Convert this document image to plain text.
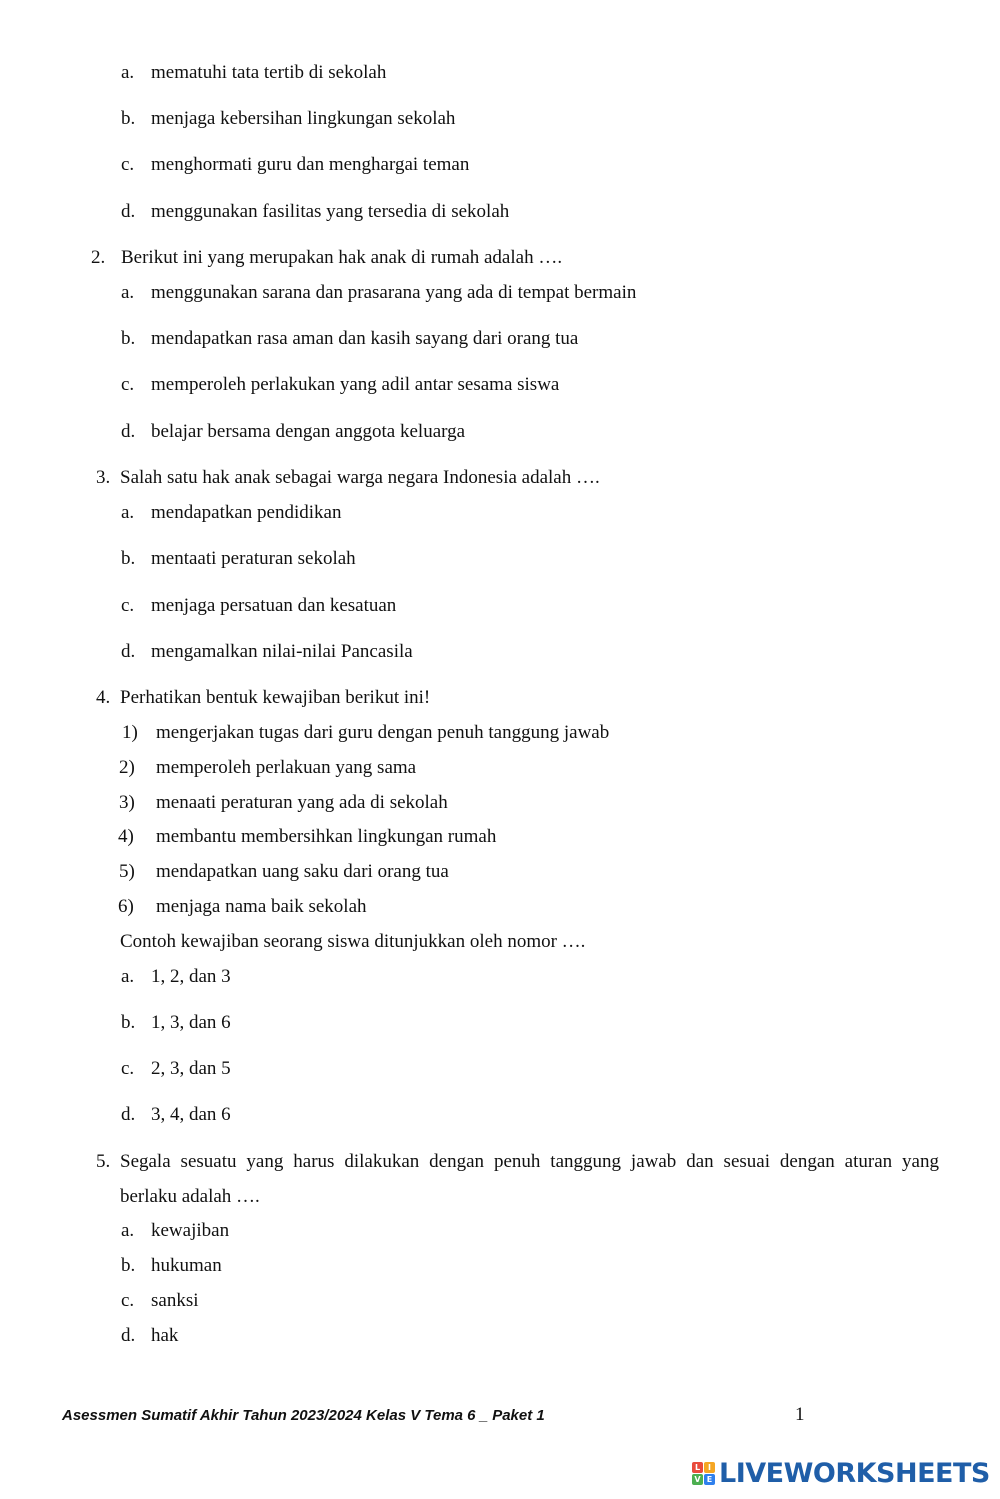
a. mematuhi tata tertib di sekolah
b. menjaga kebersihan lingkungan sekolah
c. menghormati guru dan menghargai teman
d. menggunakan fasilitas yang tersedia di sekolah
2. Berikut ini yang merupakan hak anak di rumah adalah ….
a. menggunakan sarana dan prasarana yang ada di tempat bermain
b. mendapatkan rasa aman dan kasih sayang dari orang tua
c. memperoleh perlakukan yang adil antar sesama siswa
d. belajar bersama dengan anggota keluarga
3. Salah satu hak anak sebagai warga negara Indonesia adalah ….
a. mendapatkan pendidikan
b. mentaati peraturan sekolah
c. menjaga persatuan dan kesatuan
d. mengamalkan nilai-nilai Pancasila
4. Perhatikan bentuk kewajiban berikut ini!
1) mengerjakan tugas dari guru dengan penuh tanggung jawab
2) memperoleh perlakuan yang sama
3) menaati peraturan yang ada di sekolah
4) membantu membersihkan lingkungan rumah
5) mendapatkan uang saku dari orang tua
6) menjaga nama baik sekolah
Contoh kewajiban seorang siswa ditunjukkan oleh nomor ….
a. 1, 2, dan 3
b. 1, 3, dan 6
c. 2, 3, dan 5
d. 3, 4, dan 6
5. Segala sesuatu yang harus dilakukan dengan penuh tanggung jawab dan sesuai dengan aturan yang
berlaku adalah ….
a. kewajiban
b. hukuman
c. sanksi
d. hak
Asessmen Sumatif Akhir Tahun 2023/2024 Kelas V Tema 6 _ Paket 1	1
L I
V E LIVEWORKSHEETS
